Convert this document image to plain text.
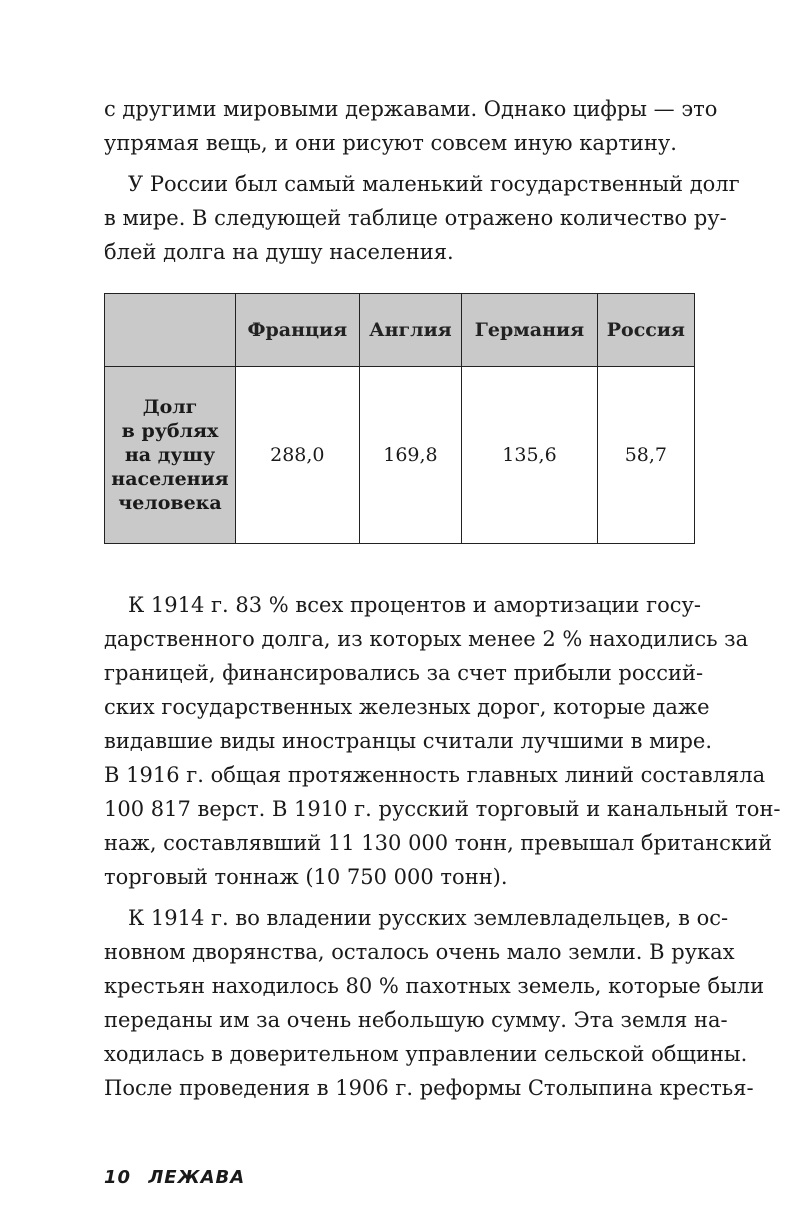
с другими мировыми державами. Однако цифры — это
упрямая вещь, и они рисуют совсем иную картину.
У России был самый маленький государственный долг
в мире. В следующей таблице отражено количество ру-
блей долга на душу населения.
	Франция	Англия	Германия	Россия

Долг
в рублях
на душу
населения
человека	288,0	169,8	135,6	58,7
К 1914 г. 83 % всех процентов и амортизации госу-
дарственного долга, из которых менее 2 % находились за
границей, финансировались за счет прибыли россий-
ских государственных железных дорог, которые даже
видавшие виды иностранцы считали лучшими в мире.
В 1916 г. общая протяженность главных линий составляла
100 817 верст. В 1910 г. русский торговый и канальный тон-
наж, составлявший 11 130 000 тонн, превышал британский
торговый тоннаж (10 750 000 тонн).
К 1914 г. во владении русских землевладельцев, в ос-
новном дворянства, осталось очень мало земли. В руках
крестьян находилось 80 % пахотных земель, которые были
переданы им за очень небольшую сумму. Эта земля на-
ходилась в доверительном управлении сельской общины.
После проведения в 1906 г. реформы Столыпина крестья-
10 ЛЕЖАВА
